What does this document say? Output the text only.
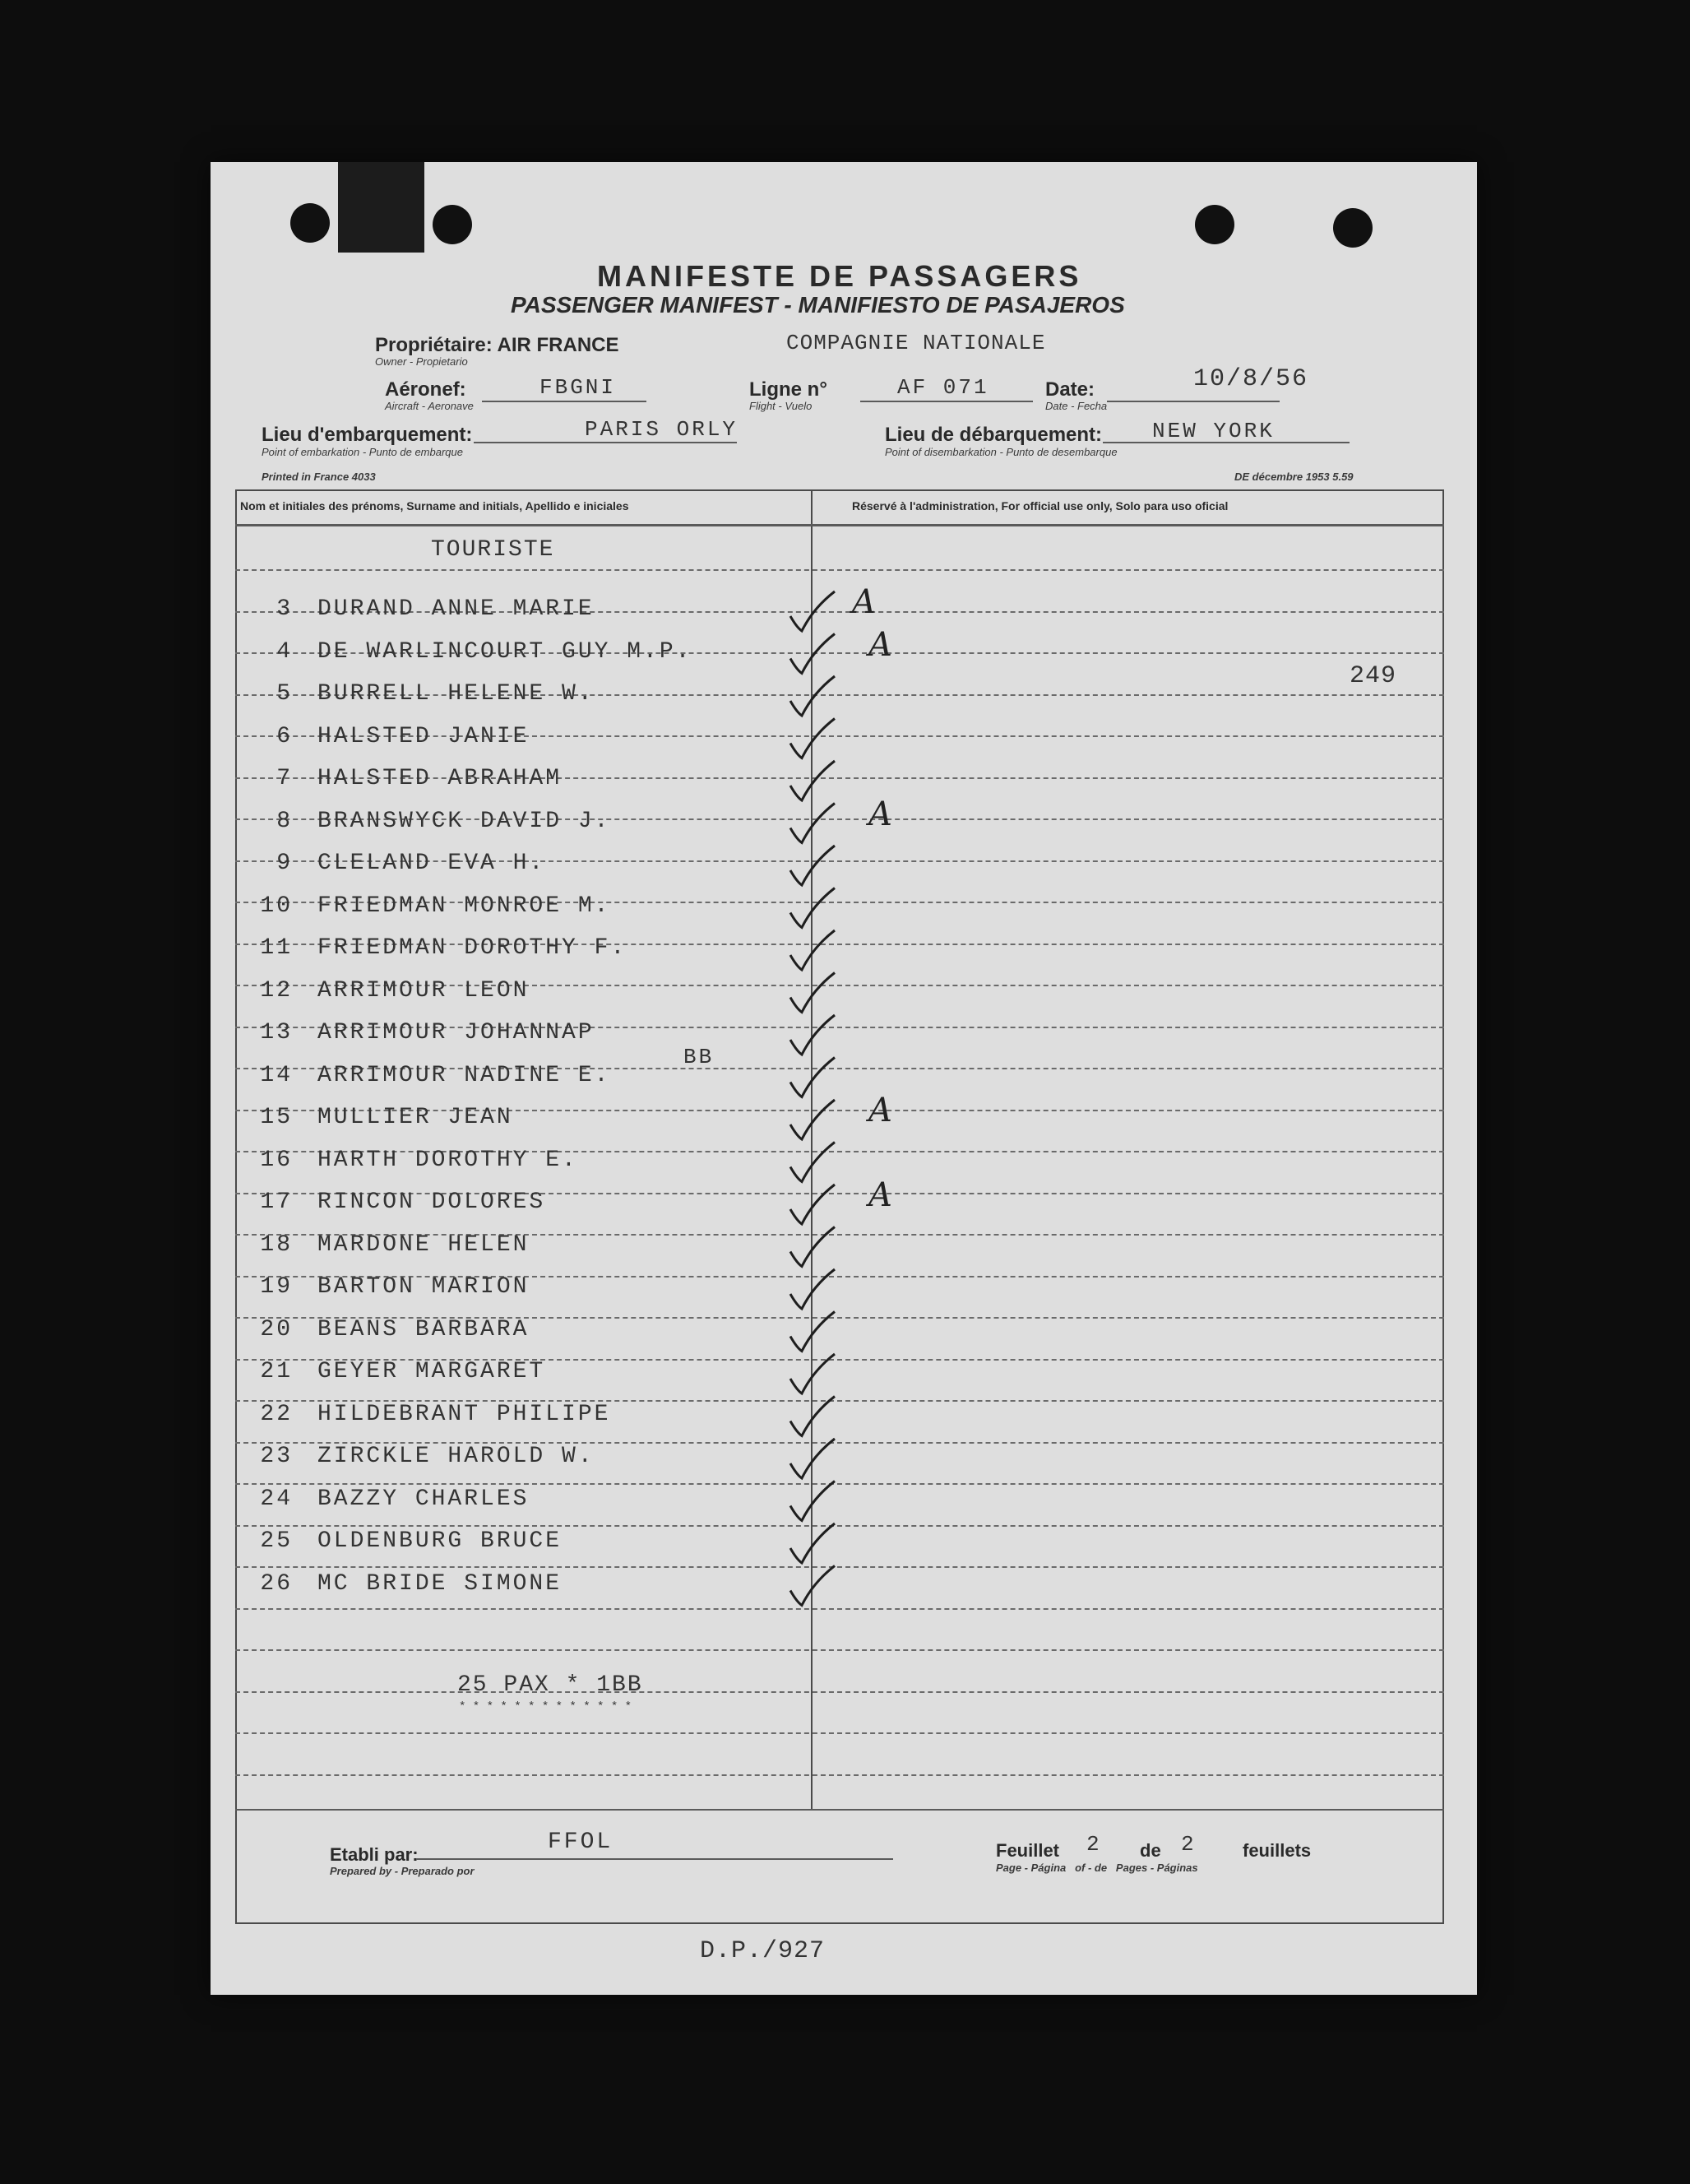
MANIFESTE DE PASSAGERS
PASSENGER MANIFEST - MANIFIESTO DE PASAJEROS
Propriétaire: AIR FRANCE
Owner - Propietario
COMPAGNIE NATIONALE
Aéronef:
Aircraft - Aeronave
FBGNI	Ligne n°
Flight - Vuelo
AF 071	Date:
Date - Fecha
10/8/56
Lieu d'embarquement:
Point of embarkation - Punto de embarque
PARIS ORLY	Lieu de débarquement:
Point of disembarkation - Punto de desembarque
NEW YORK
Printed in France 4033	DE décembre 1953 5.59
Nom et initiales des prénoms, Surname and initials, Apellido e iniciales	Réservé à l'administration, For official use only, Solo para uso oficial
TOURISTE
3 DURAND ANNE MARIE	A
4 DE WARLINCOURT GUY M.P.	A
5 BURRELL HELENE W.
6 HALSTED JANIE
7 HALSTED ABRAHAM
8 BRANSWYCK DAVID J.	A
9 CLELAND EVA H.
10 FRIEDMAN MONROE M.
11 FRIEDMAN DOROTHY F.
12 ARRIMOUR LEON
13 ARRIMOUR JOHANNAP
14 ARRIMOUR NADINE E.
15 MULLIER JEAN	A
16 HARTH DOROTHY E.
17 RINCON DOLORES	A
18 MARDONE HELEN
19 BARTON MARION
20 BEANS BARBARA
21 GEYER MARGARET
22 HILDEBRANT PHILIPE
23 ZIRCKLE HAROLD W.
24 BAZZY CHARLES
25 OLDENBURG BRUCE
26 MC BRIDE SIMONE
BB
249
25 PAX * 1BB
* * * * * * * * * * * * *
Etabli par:
Prepared by - Preparado por
FFOL	Feuillet 2 de 2	feuillets
Page - Página   of - de   Pages - Páginas
D.P./927
